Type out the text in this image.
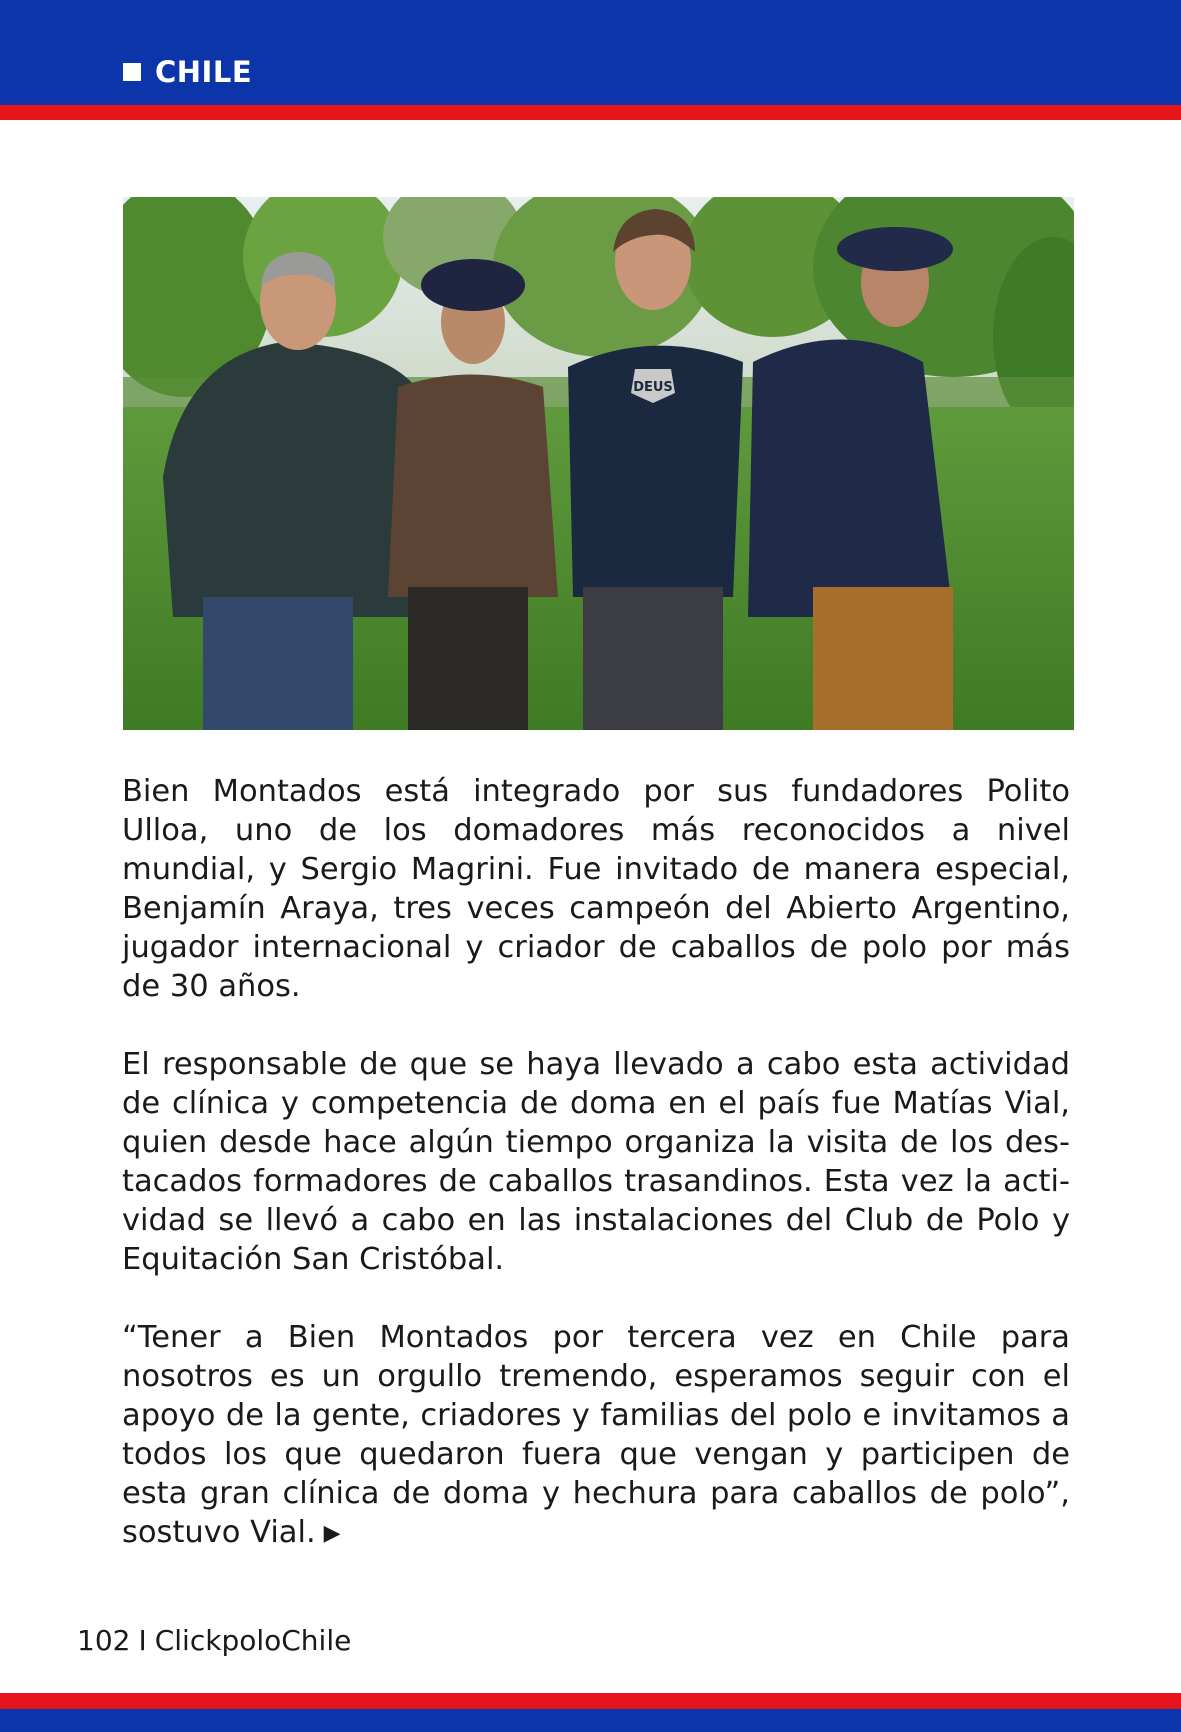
CHILE
DEUS

Bien Montados está integrado por sus fundadores Polito Ulloa, uno de los domadores más reconocidos a nivel mundial, y Sergio Magrini. Fue invitado de manera especial, Benjamín Araya, tres veces campeón del Abierto Argentino, jugador internacional y criador de caballos de polo por más de 30 años.

El responsable de que se haya llevado a cabo esta actividad de clínica y competencia de doma en el país fue Matías Vial, quien desde hace algún tiempo organiza la visita de los destacados formadores de caballos trasandinos. Esta vez la actividad se llevó a cabo en las instalaciones del Club de Polo y Equitación San Cristóbal.

“Tener a Bien Montados por tercera vez en Chile para nosotros es un orgullo tremendo, esperamos seguir con el apoyo de la gente, criadores y familias del polo e invitamos a todos los que quedaron fuera que vengan y participen de esta gran clínica de doma y hechura para caballos de polo”, sostuvo Vial. ▶

102 I ClickpoloChile
